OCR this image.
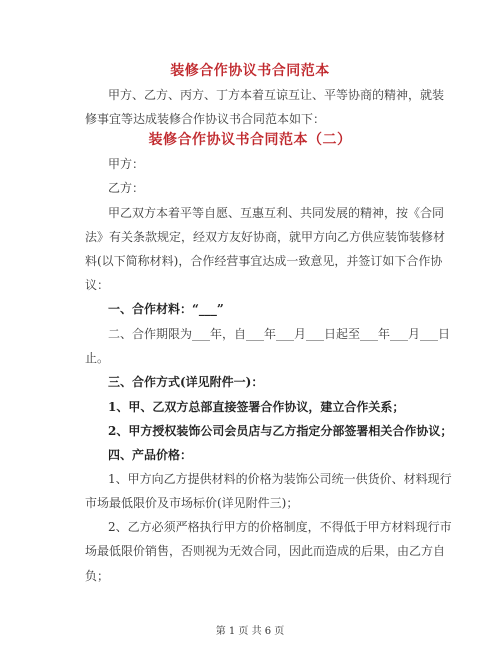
装修合作协议书合同范本
甲方、乙方、丙方、丁方本着互谅互让、平等协商的精神，就装
修事宜等达成装修合作协议书合同范本如下：
装修合作协议书合同范本（二）
甲方：
乙方：
甲乙双方本着平等自愿、互惠互利、共同发展的精神，按《合同
法》有关条款规定，经双方友好协商，就甲方向乙方供应装饰装修材
料(以下简称材料)，合作经营事宜达成一致意见，并签订如下合作协
议：
一、合作材料：“___”
二、合作期限为___年，自___年___月___日起至___年___月___日
止。
三、合作方式(详见附件一)：
1、甲、乙双方总部直接签署合作协议，建立合作关系；
2、甲方授权装饰公司会员店与乙方指定分部签署相关合作协议；
四、产品价格：
1、甲方向乙方提供材料的价格为装饰公司统一供货价、材料现行
市场最低限价及市场标价(详见附件三)；
2、乙方必须严格执行甲方的价格制度，不得低于甲方材料现行市
场最低限价销售，否则视为无效合同，因此而造成的后果，由乙方自
负；
第 1 页 共 6 页
